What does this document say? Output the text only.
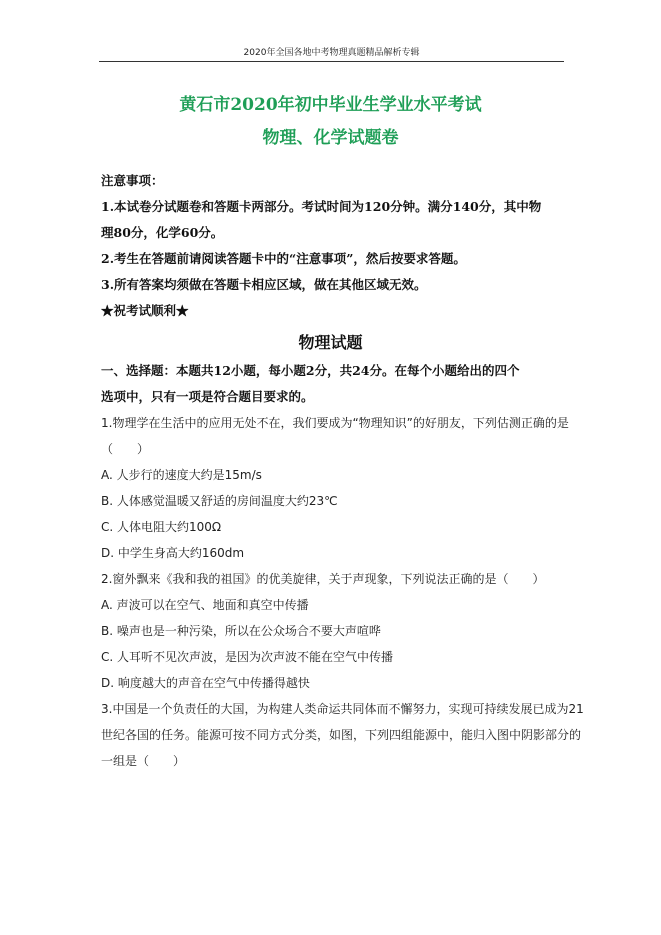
2020年全国各地中考物理真题精品解析专辑
黄石市2020年初中毕业生学业水平考试
物理、化学试题卷
注意事项：
1.本试卷分试题卷和答题卡两部分。考试时间为120分钟。满分140分，其中物
理80分，化学60分。
2.考生在答题前请阅读答题卡中的“注意事项”，然后按要求答题。
3.所有答案均须做在答题卡相应区域，做在其他区域无效。
★祝考试顺利★
物理试题
一、选择题：本题共12小题，每小题2分，共24分。在每个小题给出的四个
选项中，只有一项是符合题目要求的。
1.物理学在生活中的应用无处不在，我们要成为“物理知识”的好朋友，下列估测正确的是
（　　）
A. 人步行的速度大约是15m/s
B. 人体感觉温暖又舒适的房间温度大约23℃
C. 人体电阻大约100Ω
D. 中学生身高大约160dm
2.窗外飘来《我和我的祖国》的优美旋律，关于声现象，下列说法正确的是（　　）
A. 声波可以在空气、地面和真空中传播
B. 噪声也是一种污染，所以在公众场合不要大声喧哗
C. 人耳听不见次声波，是因为次声波不能在空气中传播
D. 响度越大的声音在空气中传播得越快
3.中国是一个负责任的大国，为构建人类命运共同体而不懈努力，实现可持续发展已成为21
世纪各国的任务。能源可按不同方式分类，如图，下列四组能源中，能归入图中阴影部分的
一组是（　　）
